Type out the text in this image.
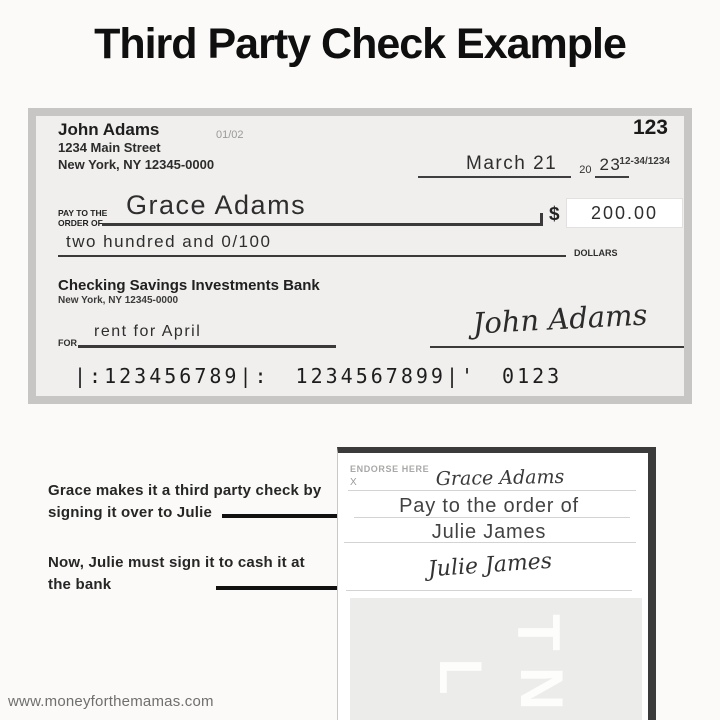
Third Party Check Example
John Adams
1234 Main Street
New York, NY 12345-0000
01/02	123
12-34/1234
March 21	20 23
PAY TO THE
ORDER OF
Grace Adams	$ 200.00
two hundred and 0/100
DOLLARS
Checking Savings Investments Bank
New York, NY 12345-0000
FOR
rent for April	John Adams
|:123456789|: 1234567899|' 0123
Grace makes it a third party check by
signing it over to Julie
Now, Julie must sign it to cash it at
the bank
ENDORSE HERE
X	Grace Adams
Pay to the order of
Julie James
Julie James
T
N
L
www.moneyforthemamas.com
